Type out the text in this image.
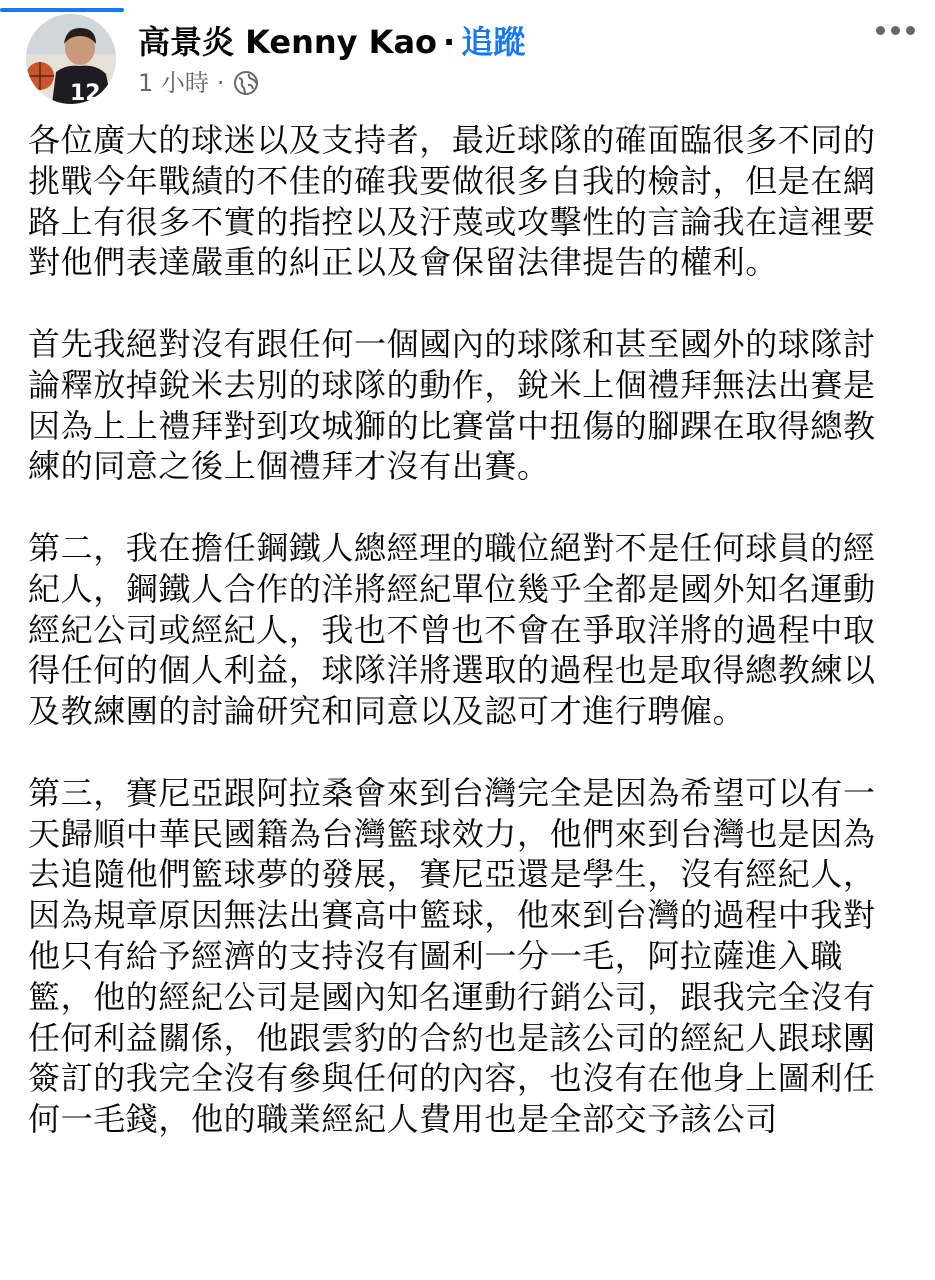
12
高景炎 Kenny Kao · 追蹤
1 小時 ·

各位廣大的球迷以及支持者，最近球隊的確面臨很多不同的挑戰今年戰績的不佳的確我要做很多自我的檢討，但是在網路上有很多不實的指控以及汙蔑或攻擊性的言論我在這裡要對他們表達嚴重的糾正以及會保留法律提告的權利。

首先我絕對沒有跟任何一個國內的球隊和甚至國外的球隊討論釋放掉銳米去別的球隊的動作，銳米上個禮拜無法出賽是因為上上禮拜對到攻城獅的比賽當中扭傷的腳踝在取得總教練的同意之後上個禮拜才沒有出賽。

第二，我在擔任鋼鐵人總經理的職位絕對不是任何球員的經紀人，鋼鐵人合作的洋將經紀單位幾乎全都是國外知名運動經紀公司或經紀人，我也不曾也不會在爭取洋將的過程中取得任何的個人利益，球隊洋將選取的過程也是取得總教練以及教練團的討論研究和同意以及認可才進行聘僱。

第三，賽尼亞跟阿拉桑會來到台灣完全是因為希望可以有一天歸順中華民國籍為台灣籃球效力，他們來到台灣也是因為去追隨他們籃球夢的發展，賽尼亞還是學生，沒有經紀人，因為規章原因無法出賽高中籃球，他來到台灣的過程中我對他只有給予經濟的支持沒有圖利一分一毛，阿拉薩進入職籃，他的經紀公司是國內知名運動行銷公司，跟我完全沒有任何利益關係，他跟雲豹的合約也是該公司的經紀人跟球團簽訂的我完全沒有參與任何的內容，也沒有在他身上圖利任何一毛錢，他的職業經紀人費用也是全部交予該公司
